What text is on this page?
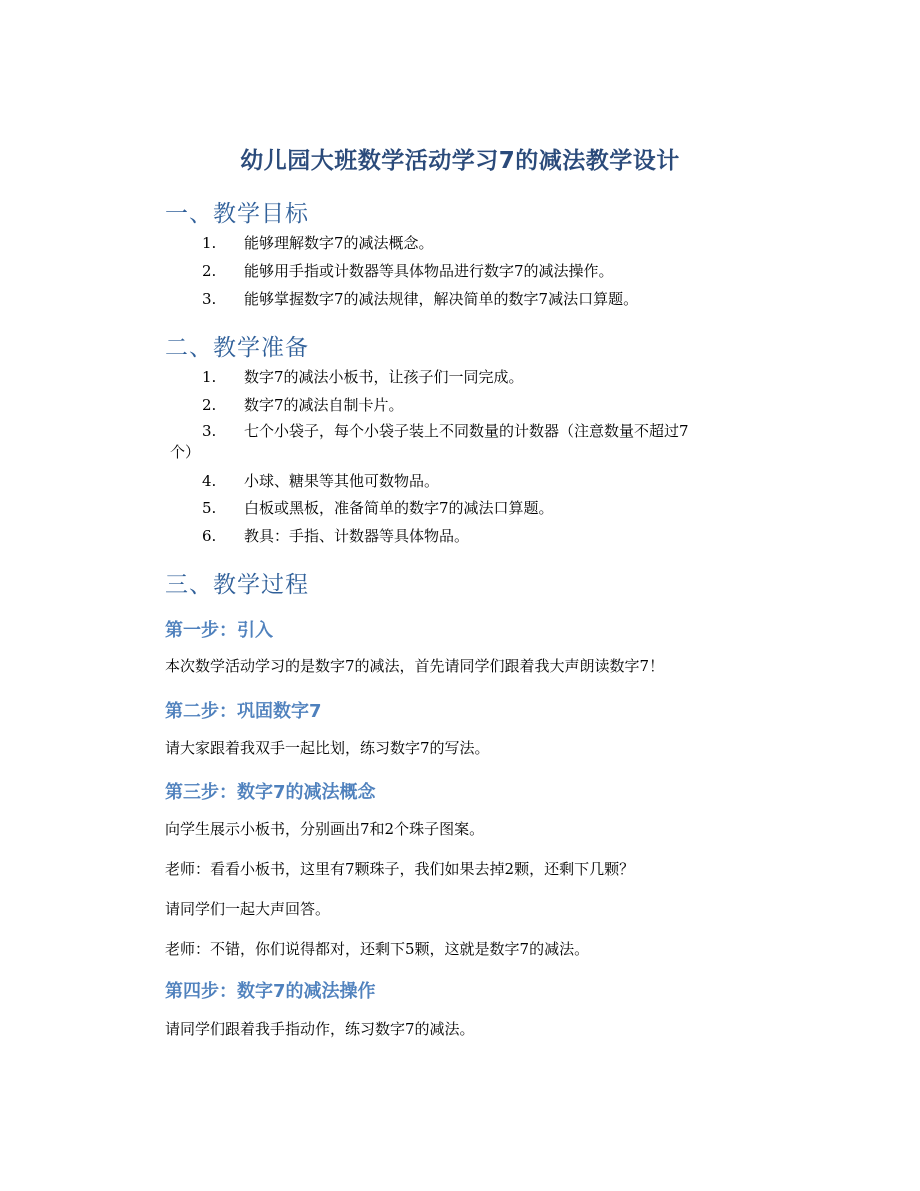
幼儿园大班数学活动学习7的减法教学设计
一、教学目标
1. 能够理解数字7的减法概念。
2. 能够用手指或计数器等具体物品进行数字7的减法操作。
3. 能够掌握数字7的减法规律，解决简单的数字7减法口算题。
二、教学准备
1. 数字7的减法小板书，让孩子们一同完成。
2. 数字7的减法自制卡片。
3. 七个小袋子，每个小袋子装上不同数量的计数器（注意数量不超过7
个）
4. 小球、糖果等其他可数物品。
5. 白板或黑板，准备简单的数字7的减法口算题。
6. 教具：手指、计数器等具体物品。
三、教学过程
第一步：引入
本次数学活动学习的是数字7的减法，首先请同学们跟着我大声朗读数字7！
第二步：巩固数字7
请大家跟着我双手一起比划，练习数字7的写法。
第三步：数字7的减法概念
向学生展示小板书，分别画出7和2个珠子图案。
老师：看看小板书，这里有7颗珠子，我们如果去掉2颗，还剩下几颗？
请同学们一起大声回答。
老师：不错，你们说得都对，还剩下5颗，这就是数字7的减法。
第四步：数字7的减法操作
请同学们跟着我手指动作，练习数字7的减法。
